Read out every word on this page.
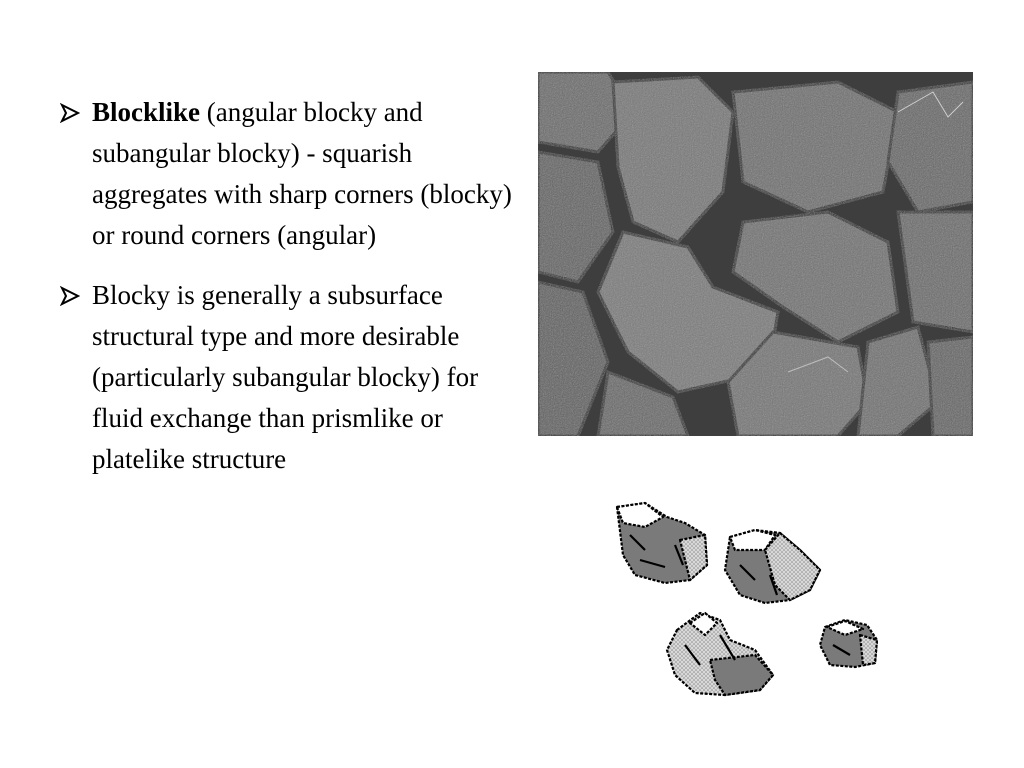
Blocklike (angular blocky and subangular blocky) - squarish aggregates with sharp corners (blocky) or round corners (angular)
Blocky is generally a subsurface structural type and more desirable (particularly subangular blocky) for fluid exchange than prismlike or platelike structure
